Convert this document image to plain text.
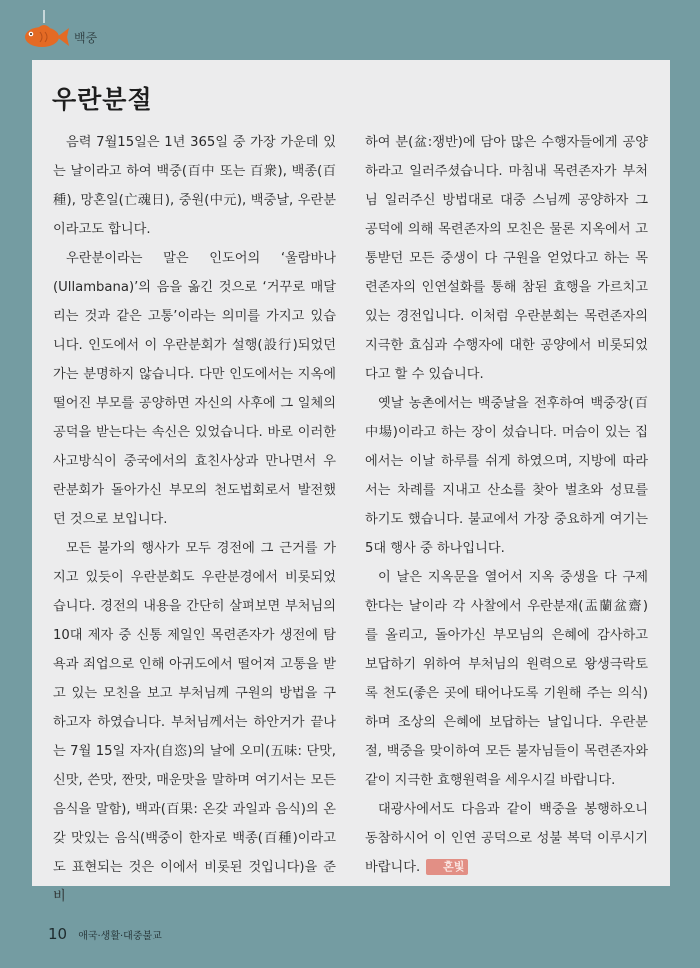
백중
우란분절

음력 7월15일은 1년 365일 중 가장 가운데 있는 날이라고 하여 백중(百中 또는 百衆), 백종(百種), 망혼일(亡魂日), 중원(中元), 백중날, 우란분이라고도 합니다.

우란분이라는 말은 인도어의 ‘울람바나(Ullambana)’의 음을 옮긴 것으로 ‘거꾸로 매달리는 것과 같은 고통’이라는 의미를 가지고 있습니다. 인도에서 이 우란분회가 설행(設行)되었던가는 분명하지 않습니다. 다만 인도에서는 지옥에 떨어진 부모를 공양하면 자신의 사후에 그 일체의 공덕을 받는다는 속신은 있었습니다. 바로 이러한 사고방식이 중국에서의 효친사상과 만나면서 우란분회가 돌아가신 부모의 천도법회로서 발전했던 것으로 보입니다.

모든 불가의 행사가 모두 경전에 그 근거를 가지고 있듯이 우란분회도 우란분경에서 비롯되었습니다. 경전의 내용을 간단히 살펴보면 부처님의 10대 제자 중 신통 제일인 목련존자가 생전에 탐욕과 죄업으로 인해 아귀도에서 떨어져 고통을 받고 있는 모친을 보고 부처님께 구원의 방법을 구하고자 하였습니다. 부처님께서는 하안거가 끝나는 7월 15일 자자(自恣)의 날에 오미(五味: 단맛, 신맛, 쓴맛, 짠맛, 매운맛을 말하며 여기서는 모든 음식을 말함), 백과(百果: 온갖 과일과 음식)의 온갖 맛있는 음식(백중이 한자로 백종(百種)이라고도 표현되는 것은 이에서 비롯된 것입니다)을 준비

하여 분(盆:쟁반)에 담아 많은 수행자들에게 공양하라고 일러주셨습니다. 마침내 목련존자가 부처님 일러주신 방법대로 대중 스님께 공양하자 그 공덕에 의해 목련존자의 모친은 물론 지옥에서 고통받던 모든 중생이 다 구원을 얻었다고 하는 목련존자의 인연설화를 통해 참된 효행을 가르치고 있는 경전입니다. 이처럼 우란분회는 목련존자의 지극한 효심과 수행자에 대한 공양에서 비롯되었다고 할 수 있습니다.

옛날 농촌에서는 백중날을 전후하여 백중장(百中場)이라고 하는 장이 섰습니다. 머슴이 있는 집에서는 이날 하루를 쉬게 하였으며, 지방에 따라서는 차례를 지내고 산소를 찾아 벌초와 성묘를 하기도 했습니다. 불교에서 가장 중요하게 여기는 5대 행사 중 하나입니다.

이 날은 지옥문을 열어서 지옥 중생을 다 구제한다는 날이라 각 사찰에서 우란분재(盂蘭盆齋)를 올리고, 돌아가신 부모님의 은혜에 감사하고 보답하기 위하여 부처님의 원력으로 왕생극락토록 천도(좋은 곳에 태어나도록 기원해 주는 의식)하며 조상의 은혜에 보답하는 날입니다. 우란분절, 백중을 맞이하여 모든 불자님들이 목련존자와 같이 지극한 효행원력을 세우시길 바랍니다.

대광사에서도 다음과 같이 백중을 봉행하오니 동참하시어 이 인연 공덕으로 성불 복덕 이루시기 바랍니다. 혼빛

10 애국·생활·대중불교
